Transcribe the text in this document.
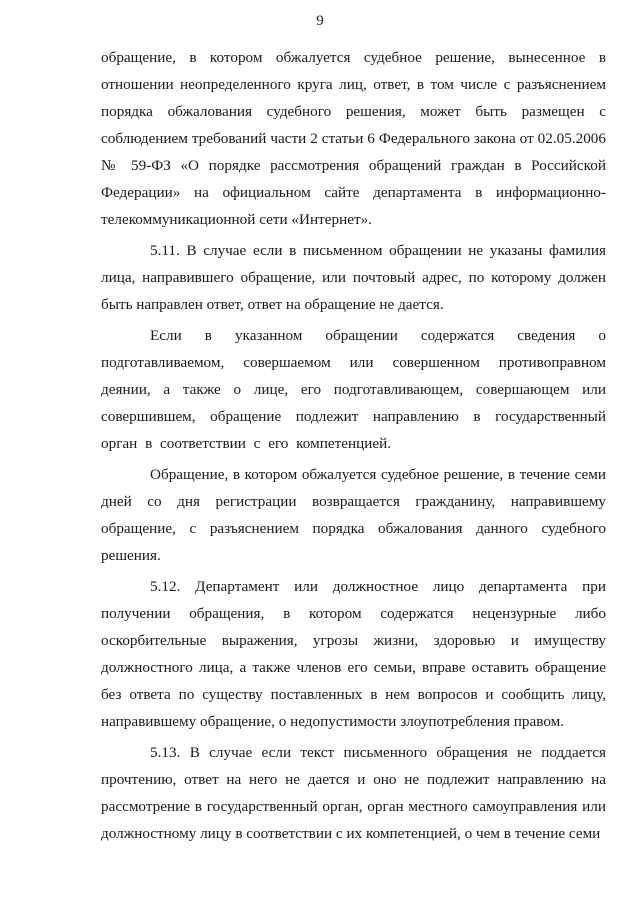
9

обращение, в котором обжалуется судебное решение, вынесенное в отношении неопределенного круга лиц, ответ, в том числе с разъяснением порядка обжалования судебного решения, может быть размещен с соблюдением требований части 2 статьи 6 Федерального закона от 02.05.2006 № 59-ФЗ «О порядке рассмотрения обращений граждан в Российской Федерации» на официальном сайте департамента в информационно-телекоммуникационной сети «Интернет».

5.11. В случае если в письменном обращении не указаны фамилия лица, направившего обращение, или почтовый адрес, по которому должен быть направлен ответ, ответ на обращение не дается.

Если в указанном обращении содержатся сведения о подготавливаемом, совершаемом или совершенном противоправном деянии, а также о лице, его подготавливающем, совершающем или совершившем, обращение подлежит направлению в государственный орган в соответствии с его компетенцией.

Обращение, в котором обжалуется судебное решение, в течение семи дней со дня регистрации возвращается гражданину, направившему обращение, с разъяснением порядка обжалования данного судебного решения.

5.12. Департамент или должностное лицо департамента при получении обращения, в котором содержатся нецензурные либо оскорбительные выражения, угрозы жизни, здоровью и имуществу должностного лица, а также членов его семьи, вправе оставить обращение без ответа по существу поставленных в нем вопросов и сообщить лицу, направившему обращение, о недопустимости злоупотребления правом.

5.13. В случае если текст письменного обращения не поддается прочтению, ответ на него не дается и оно не подлежит направлению на рассмотрение в государственный орган, орган местного самоуправления или должностному лицу в соответствии с их компетенцией, о чем в течение семи
